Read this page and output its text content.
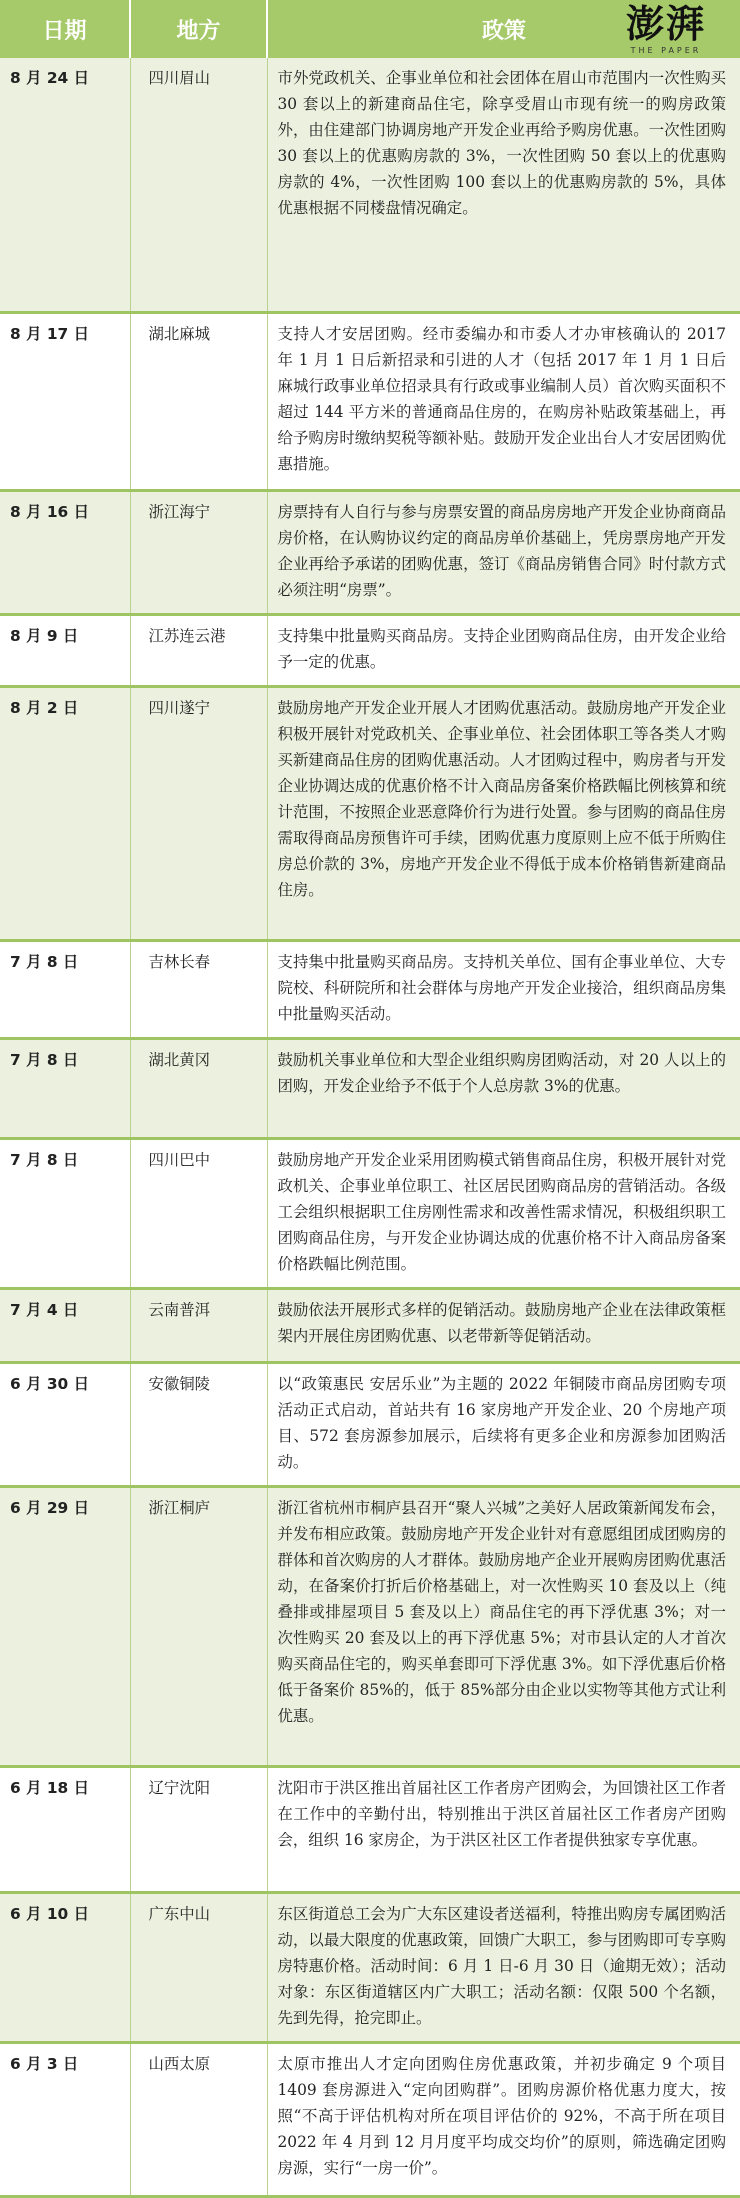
日期	地方	政策
8 月 24 日	四川眉山	市外党政机关、企事业单位和社会团体在眉山市范围内一次性购买 30 套以上的新建商品住宅，除享受眉山市现有统一的购房政策外，由住建部门协调房地产开发企业再给予购房优惠。一次性团购 30 套以上的优惠购房款的 3%，一次性团购 50 套以上的优惠购房款的 4%，一次性团购 100 套以上的优惠购房款的 5%，具体优惠根据不同楼盘情况确定。
8 月 17 日	湖北麻城	支持人才安居团购。经市委编办和市委人才办审核确认的 2017 年 1 月 1 日后新招录和引进的人才（包括 2017 年 1 月 1 日后麻城行政事业单位招录具有行政或事业编制人员）首次购买面积不超过 144 平方米的普通商品住房的，在购房补贴政策基础上，再给予购房时缴纳契税等额补贴。鼓励开发企业出台人才安居团购优惠措施。
8 月 16 日	浙江海宁	房票持有人自行与参与房票安置的商品房房地产开发企业协商商品房价格，在认购协议约定的商品房单价基础上，凭房票房地产开发企业再给予承诺的团购优惠，签订《商品房销售合同》时付款方式必须注明“房票”。
8 月 9 日	江苏连云港	支持集中批量购买商品房。支持企业团购商品住房，由开发企业给予一定的优惠。
8 月 2 日	四川遂宁	鼓励房地产开发企业开展人才团购优惠活动。鼓励房地产开发企业积极开展针对党政机关、企事业单位、社会团体职工等各类人才购买新建商品住房的团购优惠活动。人才团购过程中，购房者与开发企业协调达成的优惠价格不计入商品房备案价格跌幅比例核算和统计范围，不按照企业恶意降价行为进行处置。参与团购的商品住房需取得商品房预售许可手续，团购优惠力度原则上应不低于所购住房总价款的 3%，房地产开发企业不得低于成本价格销售新建商品住房。
7 月 8 日	吉林长春	支持集中批量购买商品房。支持机关单位、国有企事业单位、大专院校、科研院所和社会群体与房地产开发企业接洽，组织商品房集中批量购买活动。
7 月 8 日	湖北黄冈	鼓励机关事业单位和大型企业组织购房团购活动，对 20 人以上的团购，开发企业给予不低于个人总房款 3%的优惠。
7 月 8 日	四川巴中	鼓励房地产开发企业采用团购模式销售商品住房，积极开展针对党政机关、企事业单位职工、社区居民团购商品房的营销活动。各级工会组织根据职工住房刚性需求和改善性需求情况，积极组织职工团购商品住房，与开发企业协调达成的优惠价格不计入商品房备案价格跌幅比例范围。
7 月 4 日	云南普洱	鼓励依法开展形式多样的促销活动。鼓励房地产企业在法律政策框架内开展住房团购优惠、以老带新等促销活动。
6 月 30 日	安徽铜陵	以“政策惠民 安居乐业”为主题的 2022 年铜陵市商品房团购专项活动正式启动，首站共有 16 家房地产开发企业、20 个房地产项目、572 套房源参加展示，后续将有更多企业和房源参加团购活动。
6 月 29 日	浙江桐庐	浙江省杭州市桐庐县召开“聚人兴城”之美好人居政策新闻发布会，并发布相应政策。鼓励房地产开发企业针对有意愿组团成团购房的群体和首次购房的人才群体。鼓励房地产企业开展购房团购优惠活动，在备案价打折后价格基础上，对一次性购买 10 套及以上（纯叠排或排屋项目 5 套及以上）商品住宅的再下浮优惠 3%；对一次性购买 20 套及以上的再下浮优惠 5%；对市县认定的人才首次购买商品住宅的，购买单套即可下浮优惠 3%。如下浮优惠后价格低于备案价 85%的，低于 85%部分由企业以实物等其他方式让利优惠。
6 月 18 日	辽宁沈阳	沈阳市于洪区推出首届社区工作者房产团购会，为回馈社区工作者在工作中的辛勤付出，特别推出于洪区首届社区工作者房产团购会，组织 16 家房企，为于洪区社区工作者提供独家专享优惠。
6 月 10 日	广东中山	东区街道总工会为广大东区建设者送福利，特推出购房专属团购活动，以最大限度的优惠政策，回馈广大职工，参与团购即可专享购房特惠价格。活动时间：6 月 1 日-6 月 30 日（逾期无效）；活动对象：东区街道辖区内广大职工；活动名额：仅限 500 个名额，先到先得，抢完即止。
6 月 3 日	山西太原	太原市推出人才定向团购住房优惠政策，并初步确定 9 个项目 1409 套房源进入“定向团购群”。团购房源价格优惠力度大，按照“不高于评估机构对所在项目评估价的 92%，不高于所在项目 2022 年 4 月到 12 月月度平均成交均价”的原则，筛选确定团购房源，实行“一房一价”。
澎湃
THE PAPER
